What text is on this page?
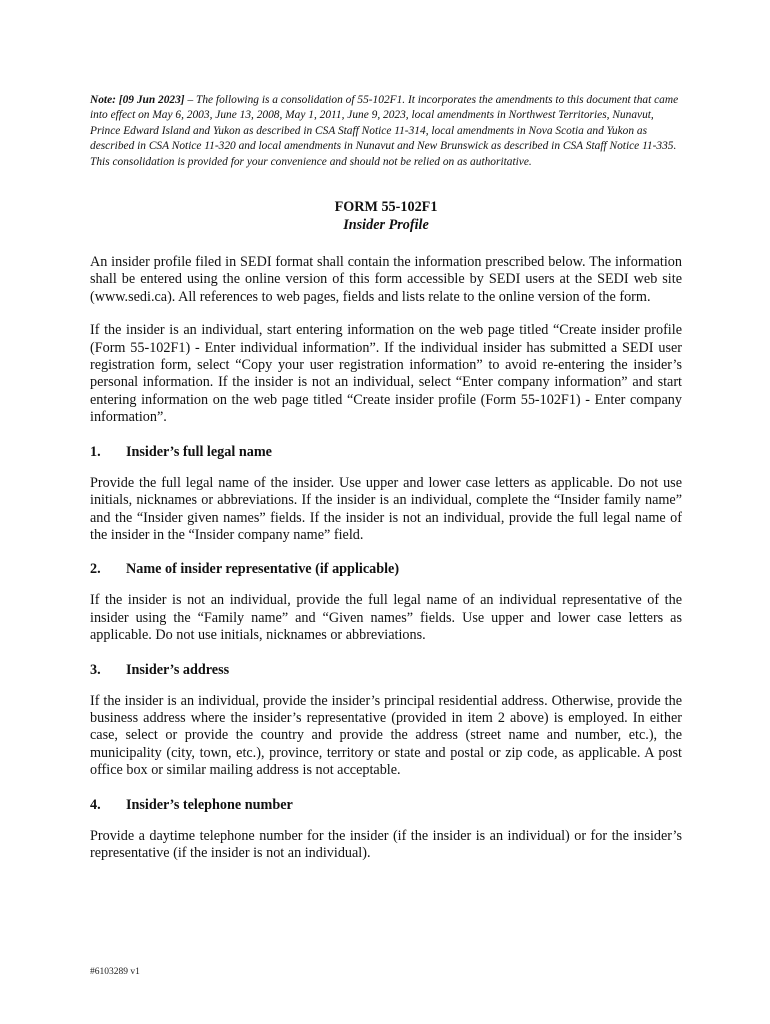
Note: [09 Jun 2023] – The following is a consolidation of 55-102F1. It incorporates the amendments to this document that came into effect on May 6, 2003, June 13, 2008, May 1, 2011, June 9, 2023, local amendments in Northwest Territories, Nunavut, Prince Edward Island and Yukon as described in CSA Staff Notice 11-314, local amendments in Nova Scotia and Yukon as described in CSA Notice 11-320 and local amendments in Nunavut and New Brunswick as described in CSA Staff Notice 11-335. This consolidation is provided for your convenience and should not be relied on as authoritative.

FORM 55-102F1

Insider Profile

An insider profile filed in SEDI format shall contain the information prescribed below. The information shall be entered using the online version of this form accessible by SEDI users at the SEDI web site (www.sedi.ca). All references to web pages, fields and lists relate to the online version of the form.

If the insider is an individual, start entering information on the web page titled “Create insider profile (Form 55-102F1) - Enter individual information”. If the individual insider has submitted a SEDI user registration form, select “Copy your user registration information” to avoid re-entering the insider’s personal information. If the insider is not an individual, select “Enter company information” and start entering information on the web page titled “Create insider profile (Form 55-102F1) - Enter company information”.

1.	Insider’s full legal name

Provide the full legal name of the insider. Use upper and lower case letters as applicable. Do not use initials, nicknames or abbreviations. If the insider is an individual, complete the “Insider family name” and the “Insider given names” fields. If the insider is not an individual, provide the full legal name of the insider in the “Insider company name” field.

2.	Name of insider representative (if applicable)

If the insider is not an individual, provide the full legal name of an individual representative of the insider using the “Family name” and “Given names” fields. Use upper and lower case letters as applicable. Do not use initials, nicknames or abbreviations.

3.	Insider’s address

If the insider is an individual, provide the insider’s principal residential address. Otherwise, provide the business address where the insider’s representative (provided in item 2 above) is employed. In either case, select or provide the country and provide the address (street name and number, etc.), the municipality (city, town, etc.), province, territory or state and postal or zip code, as applicable. A post office box or similar mailing address is not acceptable.

4.	Insider’s telephone number

Provide a daytime telephone number for the insider (if the insider is an individual) or for the insider’s representative (if the insider is not an individual).

#6103289 v1
